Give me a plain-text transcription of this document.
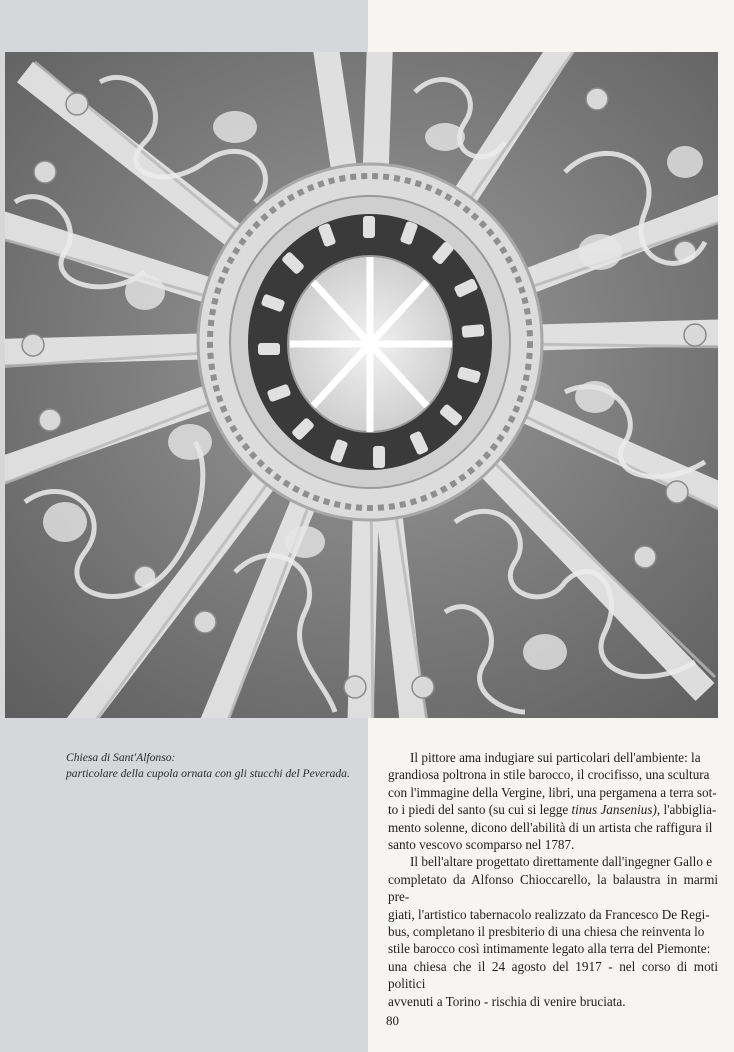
Chiesa di Sant'Alfonso:
particolare della cupola ornata con gli stucchi del Peverada.

Il pittore ama indugiare sui particolari dell'ambiente: la
grandiosa poltrona in stile barocco, il crocifisso, una scultura
con l'immagine della Vergine, libri, una pergamena a terra sot-
to i piedi del santo (su cui si legge tinus Jansenius), l'abbiglia-
mento solenne, dicono dell'abilità di un artista che raffigura il
santo vescovo scomparso nel 1787.

Il bell'altare progettato direttamente dall'ingegner Gallo e
completato da Alfonso Chioccarello, la balaustra in marmi pre-
giati, l'artistico tabernacolo realizzato da Francesco De Regi-
bus, completano il presbiterio di una chiesa che reinventa lo
stile barocco così intimamente legato alla terra del Piemonte:
una chiesa che il 24 agosto del 1917 - nel corso di moti politici
avvenuti a Torino - rischia di venire bruciata.

80
